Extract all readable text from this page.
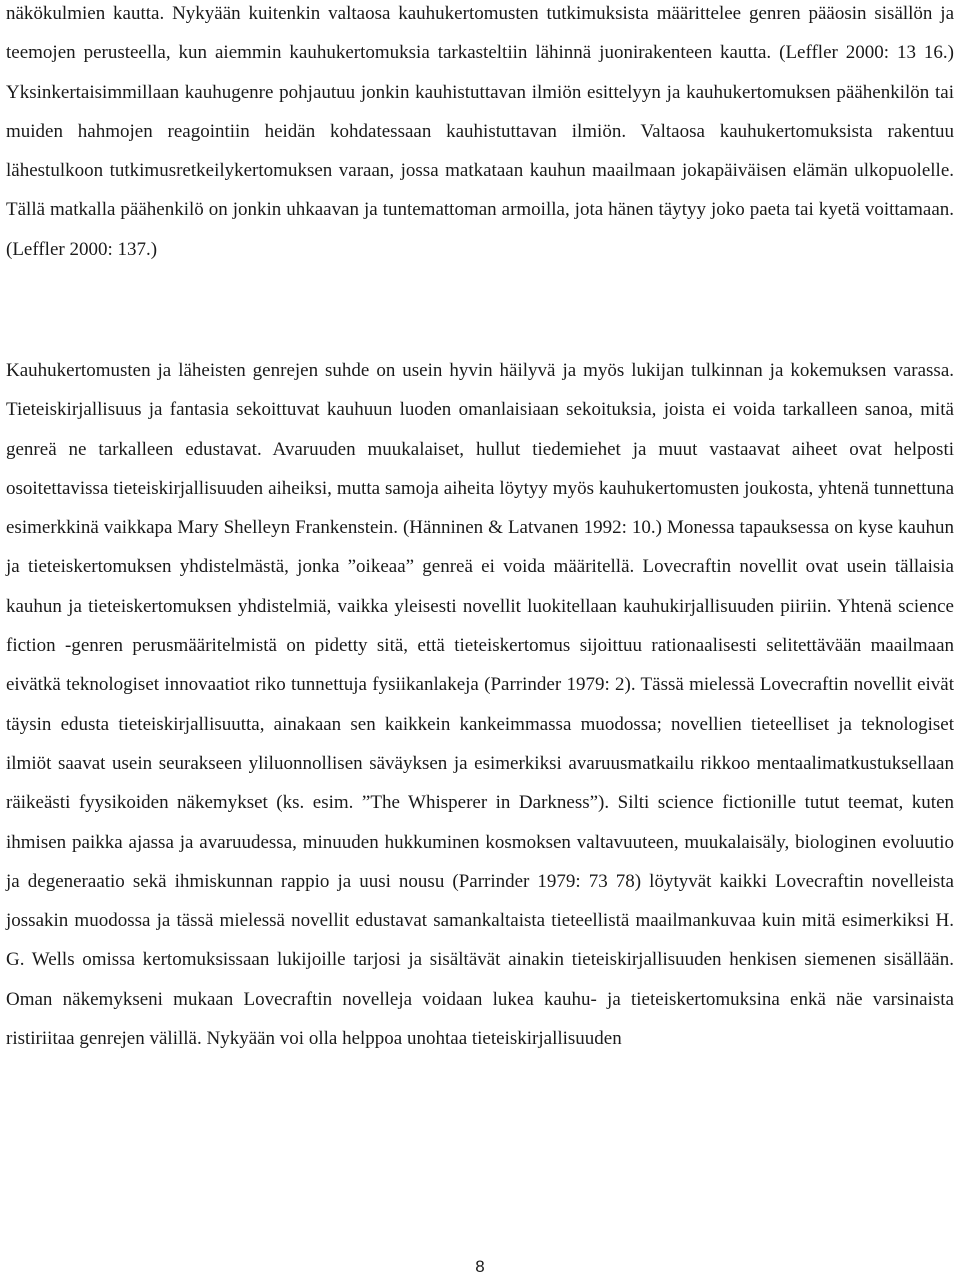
näkökulmien kautta. Nykyään kuitenkin valtaosa kauhukertomusten tutkimuksista määrittelee genren pääosin sisällön ja teemojen perusteella, kun aiemmin kauhukertomuksia tarkasteltiin lähinnä juonirakenteen kautta. (Leffler 2000: 13 16.) Yksinkertaisimmillaan kauhugenre pohjautuu jonkin kauhistuttavan ilmiön esittelyyn ja kauhukertomuksen päähenkilön tai muiden hahmojen reagointiin heidän kohdatessaan kauhistuttavan ilmiön. Valtaosa kauhukertomuksista rakentuu lähestulkoon tutkimusretkeilykertomuksen varaan, jossa matkataan kauhun maailmaan jokapäiväisen elämän ulkopuolelle. Tällä matkalla päähenkilö on jonkin uhkaavan ja tuntemattoman armoilla, jota hänen täytyy joko paeta tai kyetä voittamaan. (Leffler 2000: 137.)

Kauhukertomusten ja läheisten genrejen suhde on usein hyvin häilyvä ja myös lukijan tulkinnan ja kokemuksen varassa. Tieteiskirjallisuus ja fantasia sekoittuvat kauhuun luoden omanlaisiaan sekoituksia, joista ei voida tarkalleen sanoa, mitä genreä ne tarkalleen edustavat. Avaruuden muukalaiset, hullut tiedemiehet ja muut vastaavat aiheet ovat helposti osoitettavissa tieteiskirjallisuuden aiheiksi, mutta samoja aiheita löytyy myös kauhukertomusten joukosta, yhtenä tunnettuna esimerkkinä vaikkapa Mary Shelleyn Frankenstein. (Hänninen & Latvanen 1992: 10.) Monessa tapauksessa on kyse kauhun ja tieteiskertomuksen yhdistelmästä, jonka ”oikeaa” genreä ei voida määritellä. Lovecraftin novellit ovat usein tällaisia kauhun ja tieteiskertomuksen yhdistelmiä, vaikka yleisesti novellit luokitellaan kauhukirjallisuuden piiriin. Yhtenä science fiction -genren perusmääritelmistä on pidetty sitä, että tieteiskertomus sijoittuu rationaalisesti selitettävään maailmaan eivätkä teknologiset innovaatiot riko tunnettuja fysiikanlakeja (Parrinder 1979: 2). Tässä mielessä Lovecraftin novellit eivät täysin edusta tieteiskirjallisuutta, ainakaan sen kaikkein kankeimmassa muodossa; novellien tieteelliset ja teknologiset ilmiöt saavat usein seurakseen yliluonnollisen säväyksen ja esimerkiksi avaruusmatkailu rikkoo mentaalimatkustuksellaan räikeästi fyysikoiden näkemykset (ks. esim. ”The Whisperer in Darkness”). Silti science fictionille tutut teemat, kuten ihmisen paikka ajassa ja avaruudessa, minuuden hukkuminen kosmoksen valtavuuteen, muukalaisäly, biologinen evoluutio ja degeneraatio sekä ihmiskunnan rappio ja uusi nousu (Parrinder 1979: 73 78) löytyvät kaikki Lovecraftin novelleista jossakin muodossa ja tässä mielessä novellit edustavat samankaltaista tieteellistä maailmankuvaa kuin mitä esimerkiksi H. G. Wells omissa kertomuksissaan lukijoille tarjosi ja sisältävät ainakin tieteiskirjallisuuden henkisen siemenen sisällään. Oman näkemykseni mukaan Lovecraftin novelleja voidaan lukea kauhu- ja tieteiskertomuksina enkä näe varsinaista ristiriitaa genrejen välillä. Nykyään voi olla helppoa unohtaa tieteiskirjallisuuden

8
